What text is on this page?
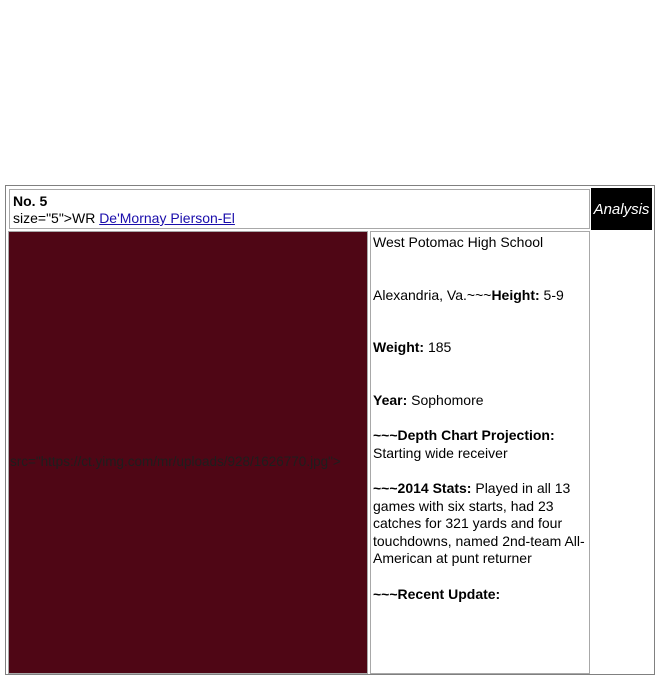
No. 5
size="5">WR De'Mornay Pierson-El
Analysis
src="https://ct.yimg.com/mr/uploads/928/1626770.jpg">

West Potomac High School

Alexandria, Va.~~~Height: 5-9

Weight: 185

Year: Sophomore

~~~Depth Chart Projection:
Starting wide receiver

~~~2014 Stats: Played in all 13 games with six starts, had 23 catches for 321 yards and four touchdowns, named 2nd-team All-American at punt returner

~~~Recent Update:
